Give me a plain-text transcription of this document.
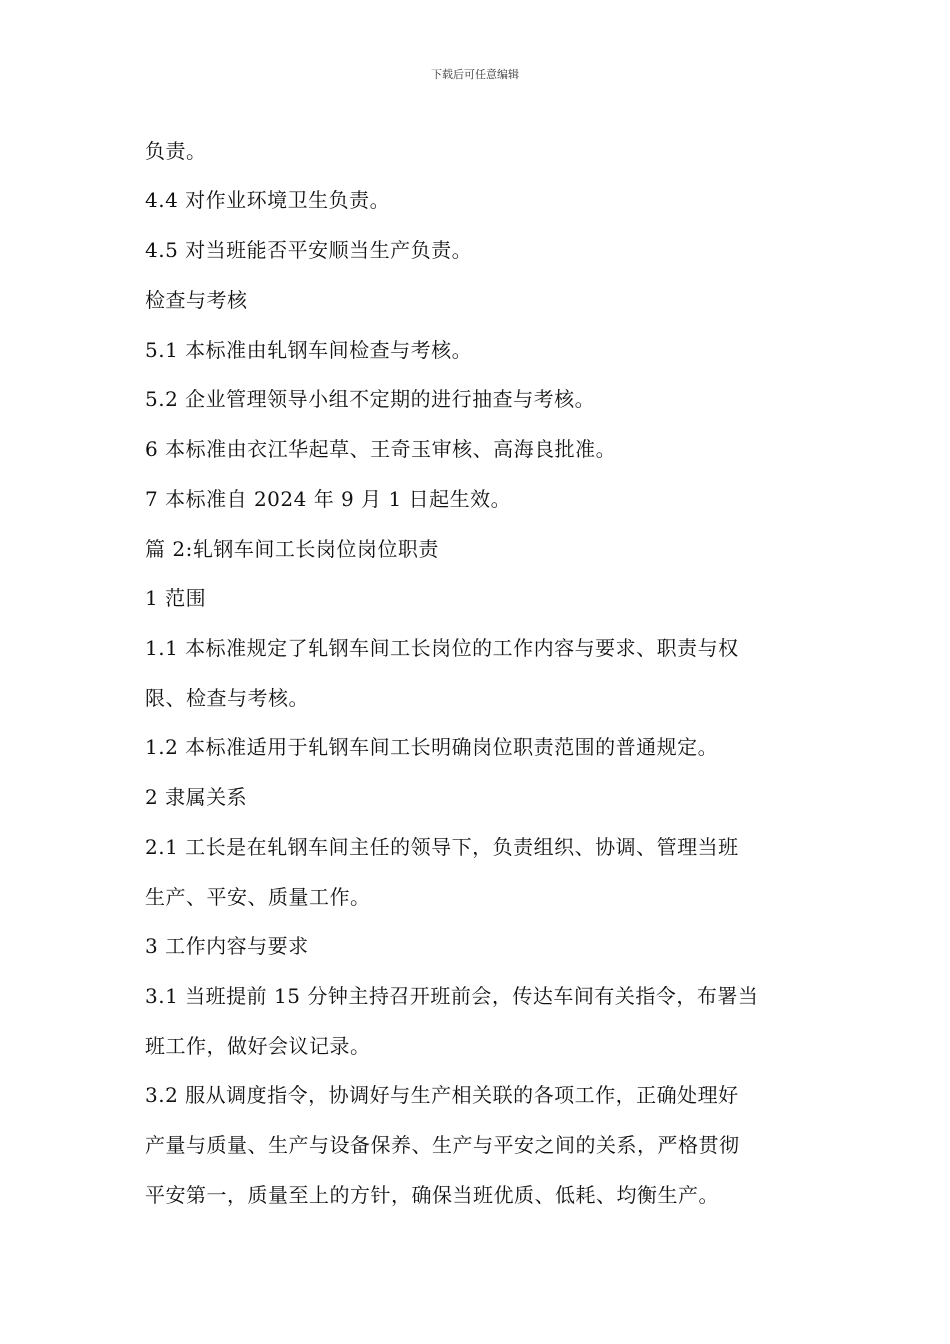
下载后可任意编辑
负责。
4.4 对作业环境卫生负责。
4.5 对当班能否平安顺当生产负责。
检查与考核
5.1 本标准由轧钢车间检查与考核。
5.2 企业管理领导小组不定期的进行抽查与考核。
6 本标准由衣江华起草、王奇玉审核、高海良批准。
7 本标准自 2024 年 9 月 1 日起生效。
篇 2:轧钢车间工长岗位岗位职责
1 范围
1.1 本标准规定了轧钢车间工长岗位的工作内容与要求、职责与权
限、检查与考核。
1.2 本标准适用于轧钢车间工长明确岗位职责范围的普通规定。
2 隶属关系
2.1 工长是在轧钢车间主任的领导下，负责组织、协调、管理当班
生产、平安、质量工作。
3 工作内容与要求
3.1 当班提前 15 分钟主持召开班前会，传达车间有关指令，布署当
班工作，做好会议记录。
3.2 服从调度指令，协调好与生产相关联的各项工作，正确处理好
产量与质量、生产与设备保养、生产与平安之间的关系，严格贯彻
平安第一，质量至上的方针，确保当班优质、低耗、均衡生产。
